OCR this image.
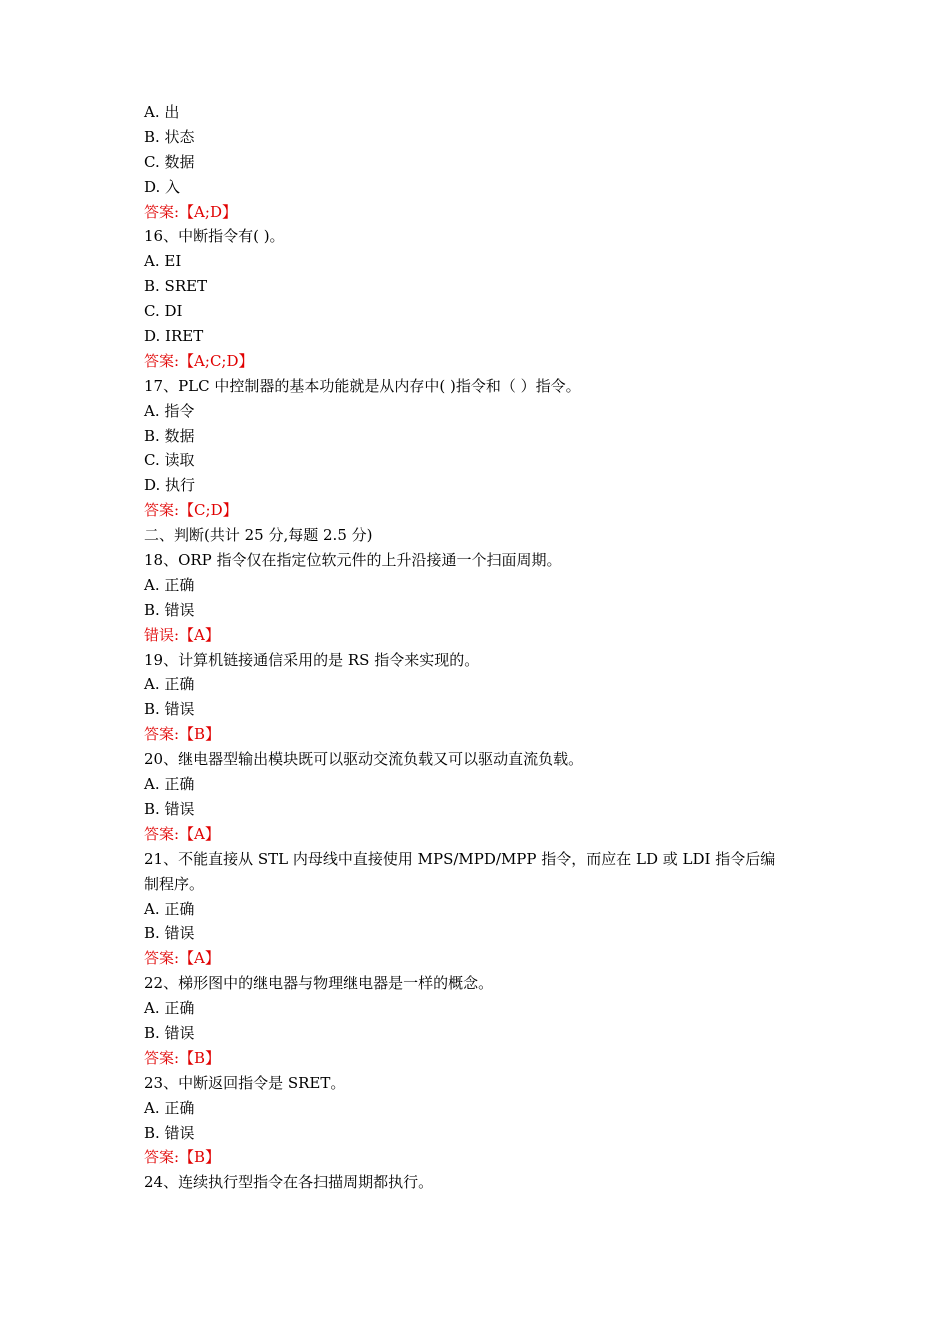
A. 出
B. 状态
C. 数据
D. 入
答案:【A;D】
16、中断指令有( )。
A. EI
B. SRET
C. DI
D. IRET
答案:【A;C;D】
17、PLC 中控制器的基本功能就是从内存中( )指令和（ ）指令。
A. 指令
B. 数据
C. 读取
D. 执行
答案:【C;D】
二、判断(共计 25 分,每题 2.5 分)
18、ORP 指令仅在指定位软元件的上升沿接通一个扫面周期。
A. 正确
B. 错误
错误:【A】
19、计算机链接通信采用的是 RS 指令来实现的。
A. 正确
B. 错误
答案:【B】
20、继电器型输出模块既可以驱动交流负载又可以驱动直流负载。
A. 正确
B. 错误
答案:【A】
21、不能直接从 STL 内母线中直接使用 MPS/MPD/MPP 指令，而应在 LD 或 LDI 指令后编
制程序。
A. 正确
B. 错误
答案:【A】
22、梯形图中的继电器与物理继电器是一样的概念。
A. 正确
B. 错误
答案:【B】
23、中断返回指令是 SRET。
A. 正确
B. 错误
答案:【B】
24、连续执行型指令在各扫描周期都执行。
